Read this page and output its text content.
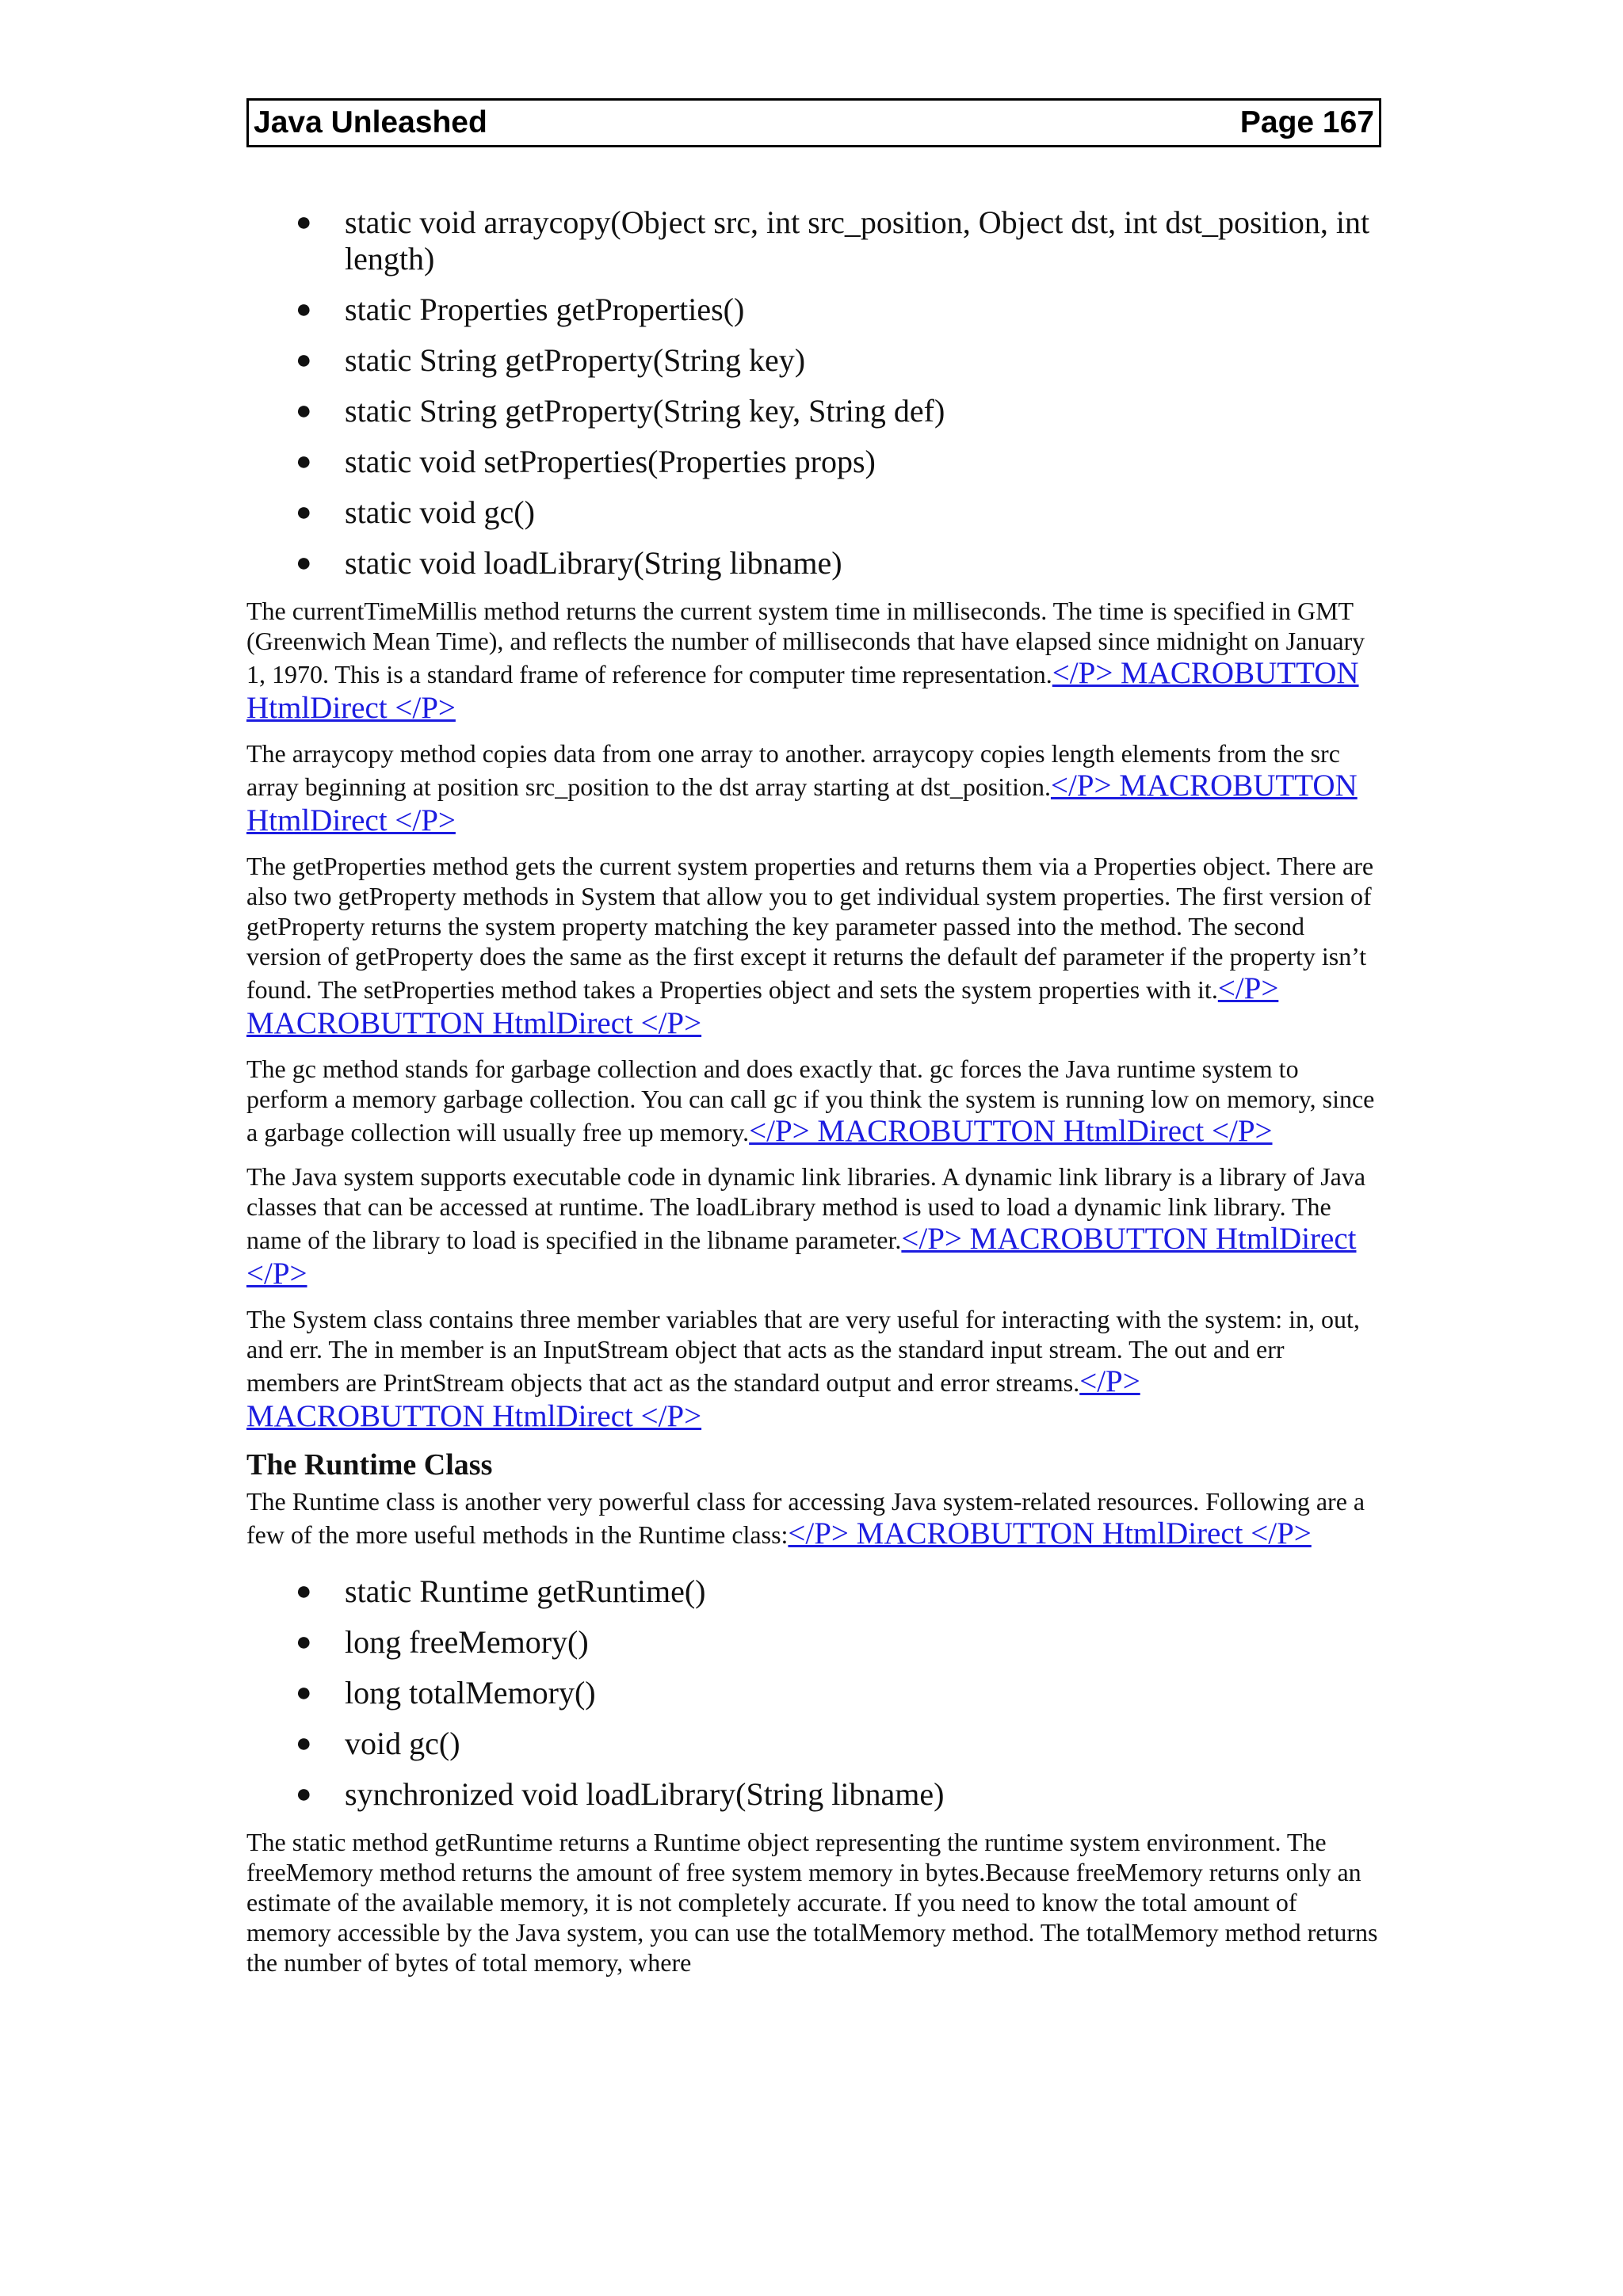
Java Unleashed	Page 167
● static void arraycopy(Object src, int src_position, Object dst, int dst_position, int length)
● static Properties getProperties()
● static String getProperty(String key)
● static String getProperty(String key, String def)
● static void setProperties(Properties props)
● static void gc()
● static void loadLibrary(String libname)

The currentTimeMillis method returns the current system time in milliseconds. The time is specified in GMT (Greenwich Mean Time), and reflects the number of milliseconds that have elapsed since midnight on January 1, 1970. This is a standard frame of reference for computer time representation.</P> MACROBUTTON HtmlDirect </P>

The arraycopy method copies data from one array to another. arraycopy copies length elements from the src array beginning at position src_position to the dst array starting at dst_position.</P> MACROBUTTON HtmlDirect </P>

The getProperties method gets the current system properties and returns them via a Properties object. There are also two getProperty methods in System that allow you to get individual system properties. The first version of getProperty returns the system property matching the key parameter passed into the method. The second version of getProperty does the same as the first except it returns the default def parameter if the property isn’t found. The setProperties method takes a Properties object and sets the system properties with it.</P> MACROBUTTON HtmlDirect </P>

The gc method stands for garbage collection and does exactly that. gc forces the Java runtime system to perform a memory garbage collection. You can call gc if you think the system is running low on memory, since a garbage collection will usually free up memory.</P> MACROBUTTON HtmlDirect </P>

The Java system supports executable code in dynamic link libraries. A dynamic link library is a library of Java classes that can be accessed at runtime. The loadLibrary method is used to load a dynamic link library. The name of the library to load is specified in the libname parameter.</P> MACROBUTTON HtmlDirect </P>

The System class contains three member variables that are very useful for interacting with the system: in, out, and err. The in member is an InputStream object that acts as the standard input stream. The out and err members are PrintStream objects that act as the standard output and error streams.</P> MACROBUTTON HtmlDirect </P>

The Runtime Class

The Runtime class is another very powerful class for accessing Java system-related resources. Following are a few of the more useful methods in the Runtime class:</P> MACROBUTTON HtmlDirect </P>

● static Runtime getRuntime()
● long freeMemory()
● long totalMemory()
● void gc()
● synchronized void loadLibrary(String libname)

The static method getRuntime returns a Runtime object representing the runtime system environment. The freeMemory method returns the amount of free system memory in bytes.Because freeMemory returns only an estimate of the available memory, it is not completely accurate. If you need to know the total amount of memory accessible by the Java system, you can use the totalMemory method. The totalMemory method returns the number of bytes of total memory, where
